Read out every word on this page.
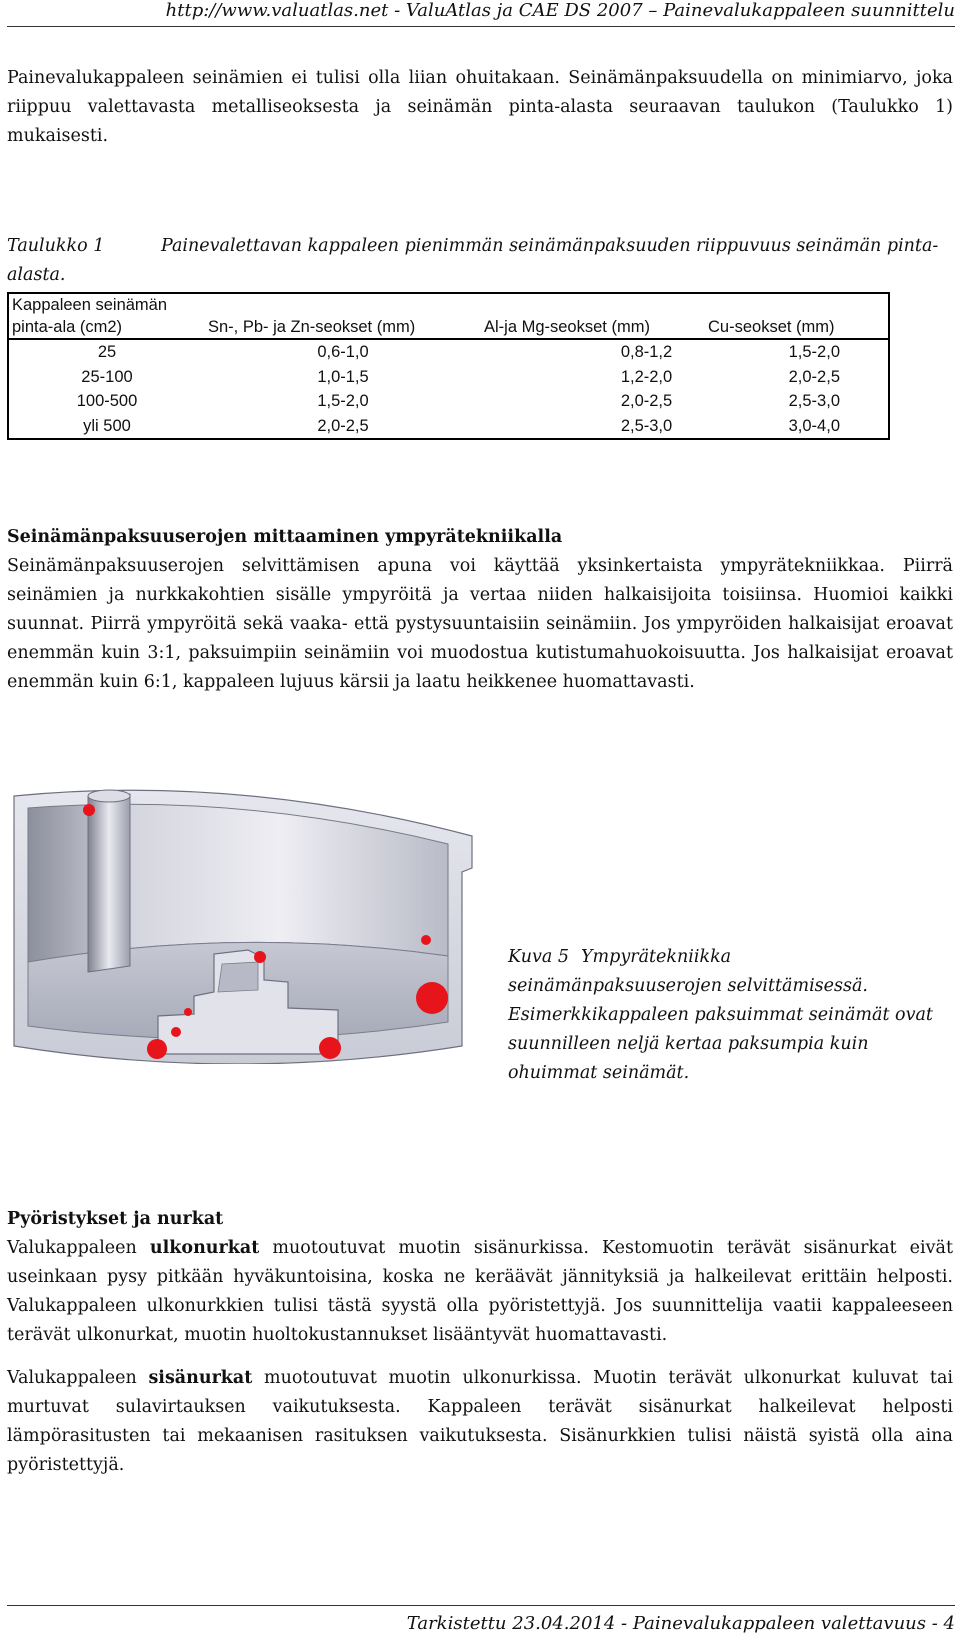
http://www.valuatlas.net - ValuAtlas ja CAE DS 2007 – Painevalukappaleen suunnittelu

Painevalukappaleen seinämien ei tulisi olla liian ohuitakaan. Seinämänpaksuudella on minimiarvo, joka riippuu valettavasta metalliseoksesta ja seinämän pinta-alasta seuraavan taulukon (Taulukko 1) mukaisesti.

Taulukko 1	Painevalettavan kappaleen pienimmän seinämänpaksuuden riippuvuus seinämän pinta-alasta.
Kappaleen seinämän
pinta-ala (cm2)	Sn-, Pb- ja Zn-seokset (mm)	Al-ja Mg-seokset (mm)	Cu-seokset (mm)
25	0,6-1,0	0,8-1,2	1,5-2,0
25-100	1,0-1,5	1,2-2,0	2,0-2,5
100-500	1,5-2,0	2,0-2,5	2,5-3,0
yli 500	2,0-2,5	2,5-3,0	3,0-4,0
Seinämänpaksuuserojen mittaaminen ympyrätekniikalla

Seinämänpaksuuserojen selvittämisen apuna voi käyttää yksinkertaista ympyrätekniikkaa. Piirrä seinämien ja nurkkakohtien sisälle ympyröitä ja vertaa niiden halkaisijoita toisiinsa. Huomioi kaikki suunnat. Piirrä ympyröitä sekä vaaka- että pystysuuntaisiin seinämiin. Jos ympyröiden halkaisijat eroavat enemmän kuin 3:1, paksuimpiin seinämiin voi muodostua kutistumahuokoisuutta. Jos halkaisijat eroavat enemmän kuin 6:1, kappaleen lujuus kärsii ja laatu heikkenee huomattavasti.

Kuva 5 Ympyrätekniikka seinämänpaksuuserojen selvittämisessä. Esimerkkikappaleen paksuimmat seinämät ovat suunnilleen neljä kertaa paksumpia kuin ohuimmat seinämät.
Pyöristykset ja nurkat

Valukappaleen ulkonurkat muotoutuvat muotin sisänurkissa. Kestomuotin terävät sisänurkat eivät useinkaan pysy pitkään hyväkuntoisina, koska ne keräävät jännityksiä ja halkeilevat erittäin helposti. Valukappaleen ulkonurkkien tulisi tästä syystä olla pyöristettyjä. Jos suunnittelija vaatii kappaleeseen terävät ulkonurkat, muotin huoltokustannukset lisääntyvät huomattavasti.

Valukappaleen sisänurkat muotoutuvat muotin ulkonurkissa. Muotin terävät ulkonurkat kuluvat tai murtuvat sulavirtauksen vaikutuksesta. Kappaleen terävät sisänurkat halkeilevat helposti lämpörasitusten tai mekaanisen rasituksen vaikutuksesta. Sisänurkkien tulisi näistä syistä olla aina pyöristettyjä.

Tarkistettu 23.04.2014 - Painevalukappaleen valettavuus - 4
